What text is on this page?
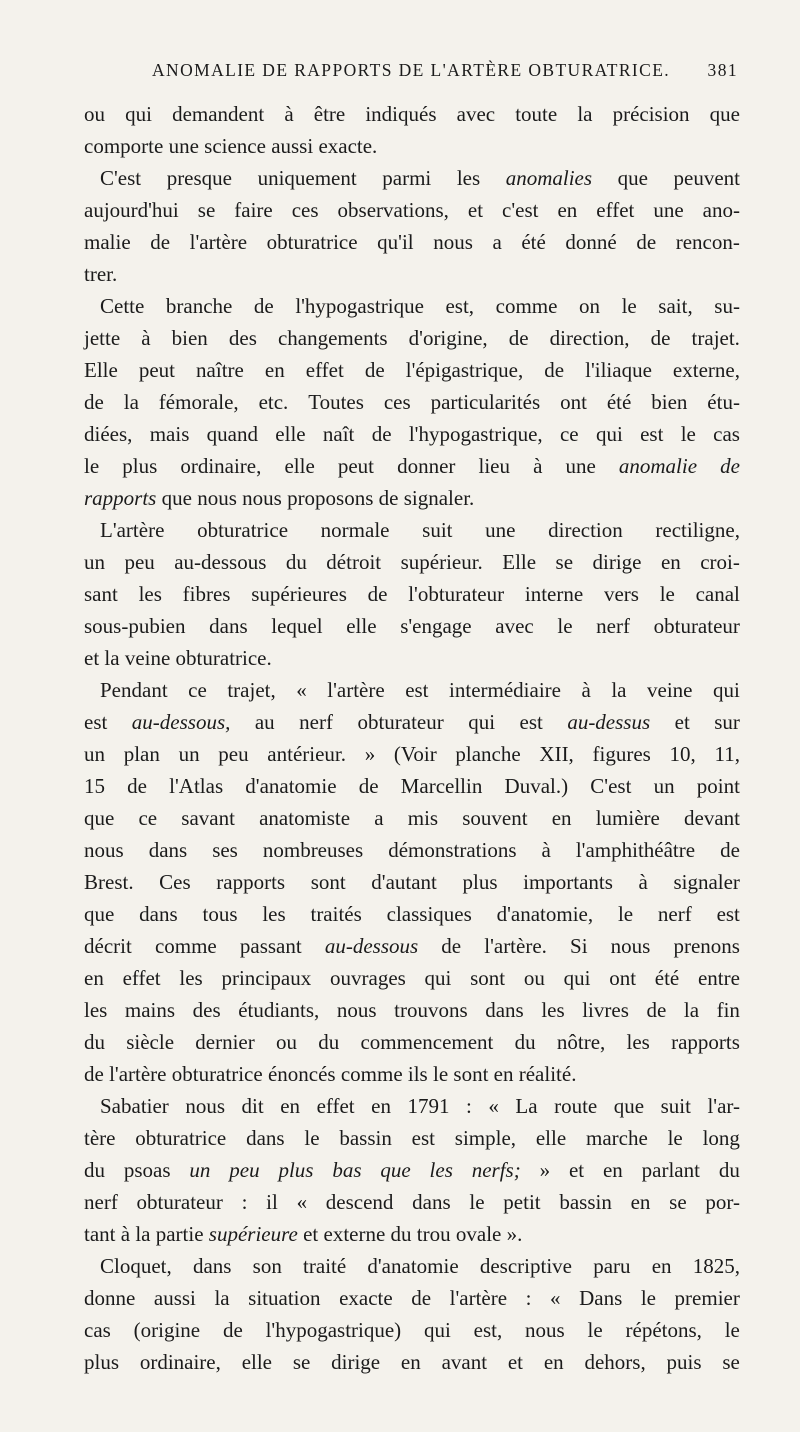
ANOMALIE DE RAPPORTS DE L'ARTÈRE OBTURATRICE. 381
ou qui demandent à être indiqués avec toute la précision que
comporte une science aussi exacte.
C'est presque uniquement parmi les anomalies que peuvent
aujourd'hui se faire ces observations, et c'est en effet une ano-
malie de l'artère obturatrice qu'il nous a été donné de rencon-
trer.
Cette branche de l'hypogastrique est, comme on le sait, su-
jette à bien des changements d'origine, de direction, de trajet.
Elle peut naître en effet de l'épigastrique, de l'iliaque externe,
de la fémorale, etc. Toutes ces particularités ont été bien étu-
diées, mais quand elle naît de l'hypogastrique, ce qui est le cas
le plus ordinaire, elle peut donner lieu à une anomalie de
rapports que nous nous proposons de signaler.
L'artère obturatrice normale suit une direction rectiligne,
un peu au-dessous du détroit supérieur. Elle se dirige en croi-
sant les fibres supérieures de l'obturateur interne vers le canal
sous-pubien dans lequel elle s'engage avec le nerf obturateur
et la veine obturatrice.
Pendant ce trajet, « l'artère est intermédiaire à la veine qui
est au-dessous, au nerf obturateur qui est au-dessus et sur
un plan un peu antérieur. » (Voir planche XII, figures 10, 11,
15 de l'Atlas d'anatomie de Marcellin Duval.) C'est un point
que ce savant anatomiste a mis souvent en lumière devant
nous dans ses nombreuses démonstrations à l'amphithéâtre de
Brest. Ces rapports sont d'autant plus importants à signaler
que dans tous les traités classiques d'anatomie, le nerf est
décrit comme passant au-dessous de l'artère. Si nous prenons
en effet les principaux ouvrages qui sont ou qui ont été entre
les mains des étudiants, nous trouvons dans les livres de la fin
du siècle dernier ou du commencement du nôtre, les rapports
de l'artère obturatrice énoncés comme ils le sont en réalité.
Sabatier nous dit en effet en 1791 : « La route que suit l'ar-
tère obturatrice dans le bassin est simple, elle marche le long
du psoas un peu plus bas que les nerfs; » et en parlant du
nerf obturateur : il « descend dans le petit bassin en se por-
tant à la partie supérieure et externe du trou ovale ».
Cloquet, dans son traité d'anatomie descriptive paru en 1825,
donne aussi la situation exacte de l'artère : « Dans le premier
cas (origine de l'hypogastrique) qui est, nous le répétons, le
plus ordinaire, elle se dirige en avant et en dehors, puis se
